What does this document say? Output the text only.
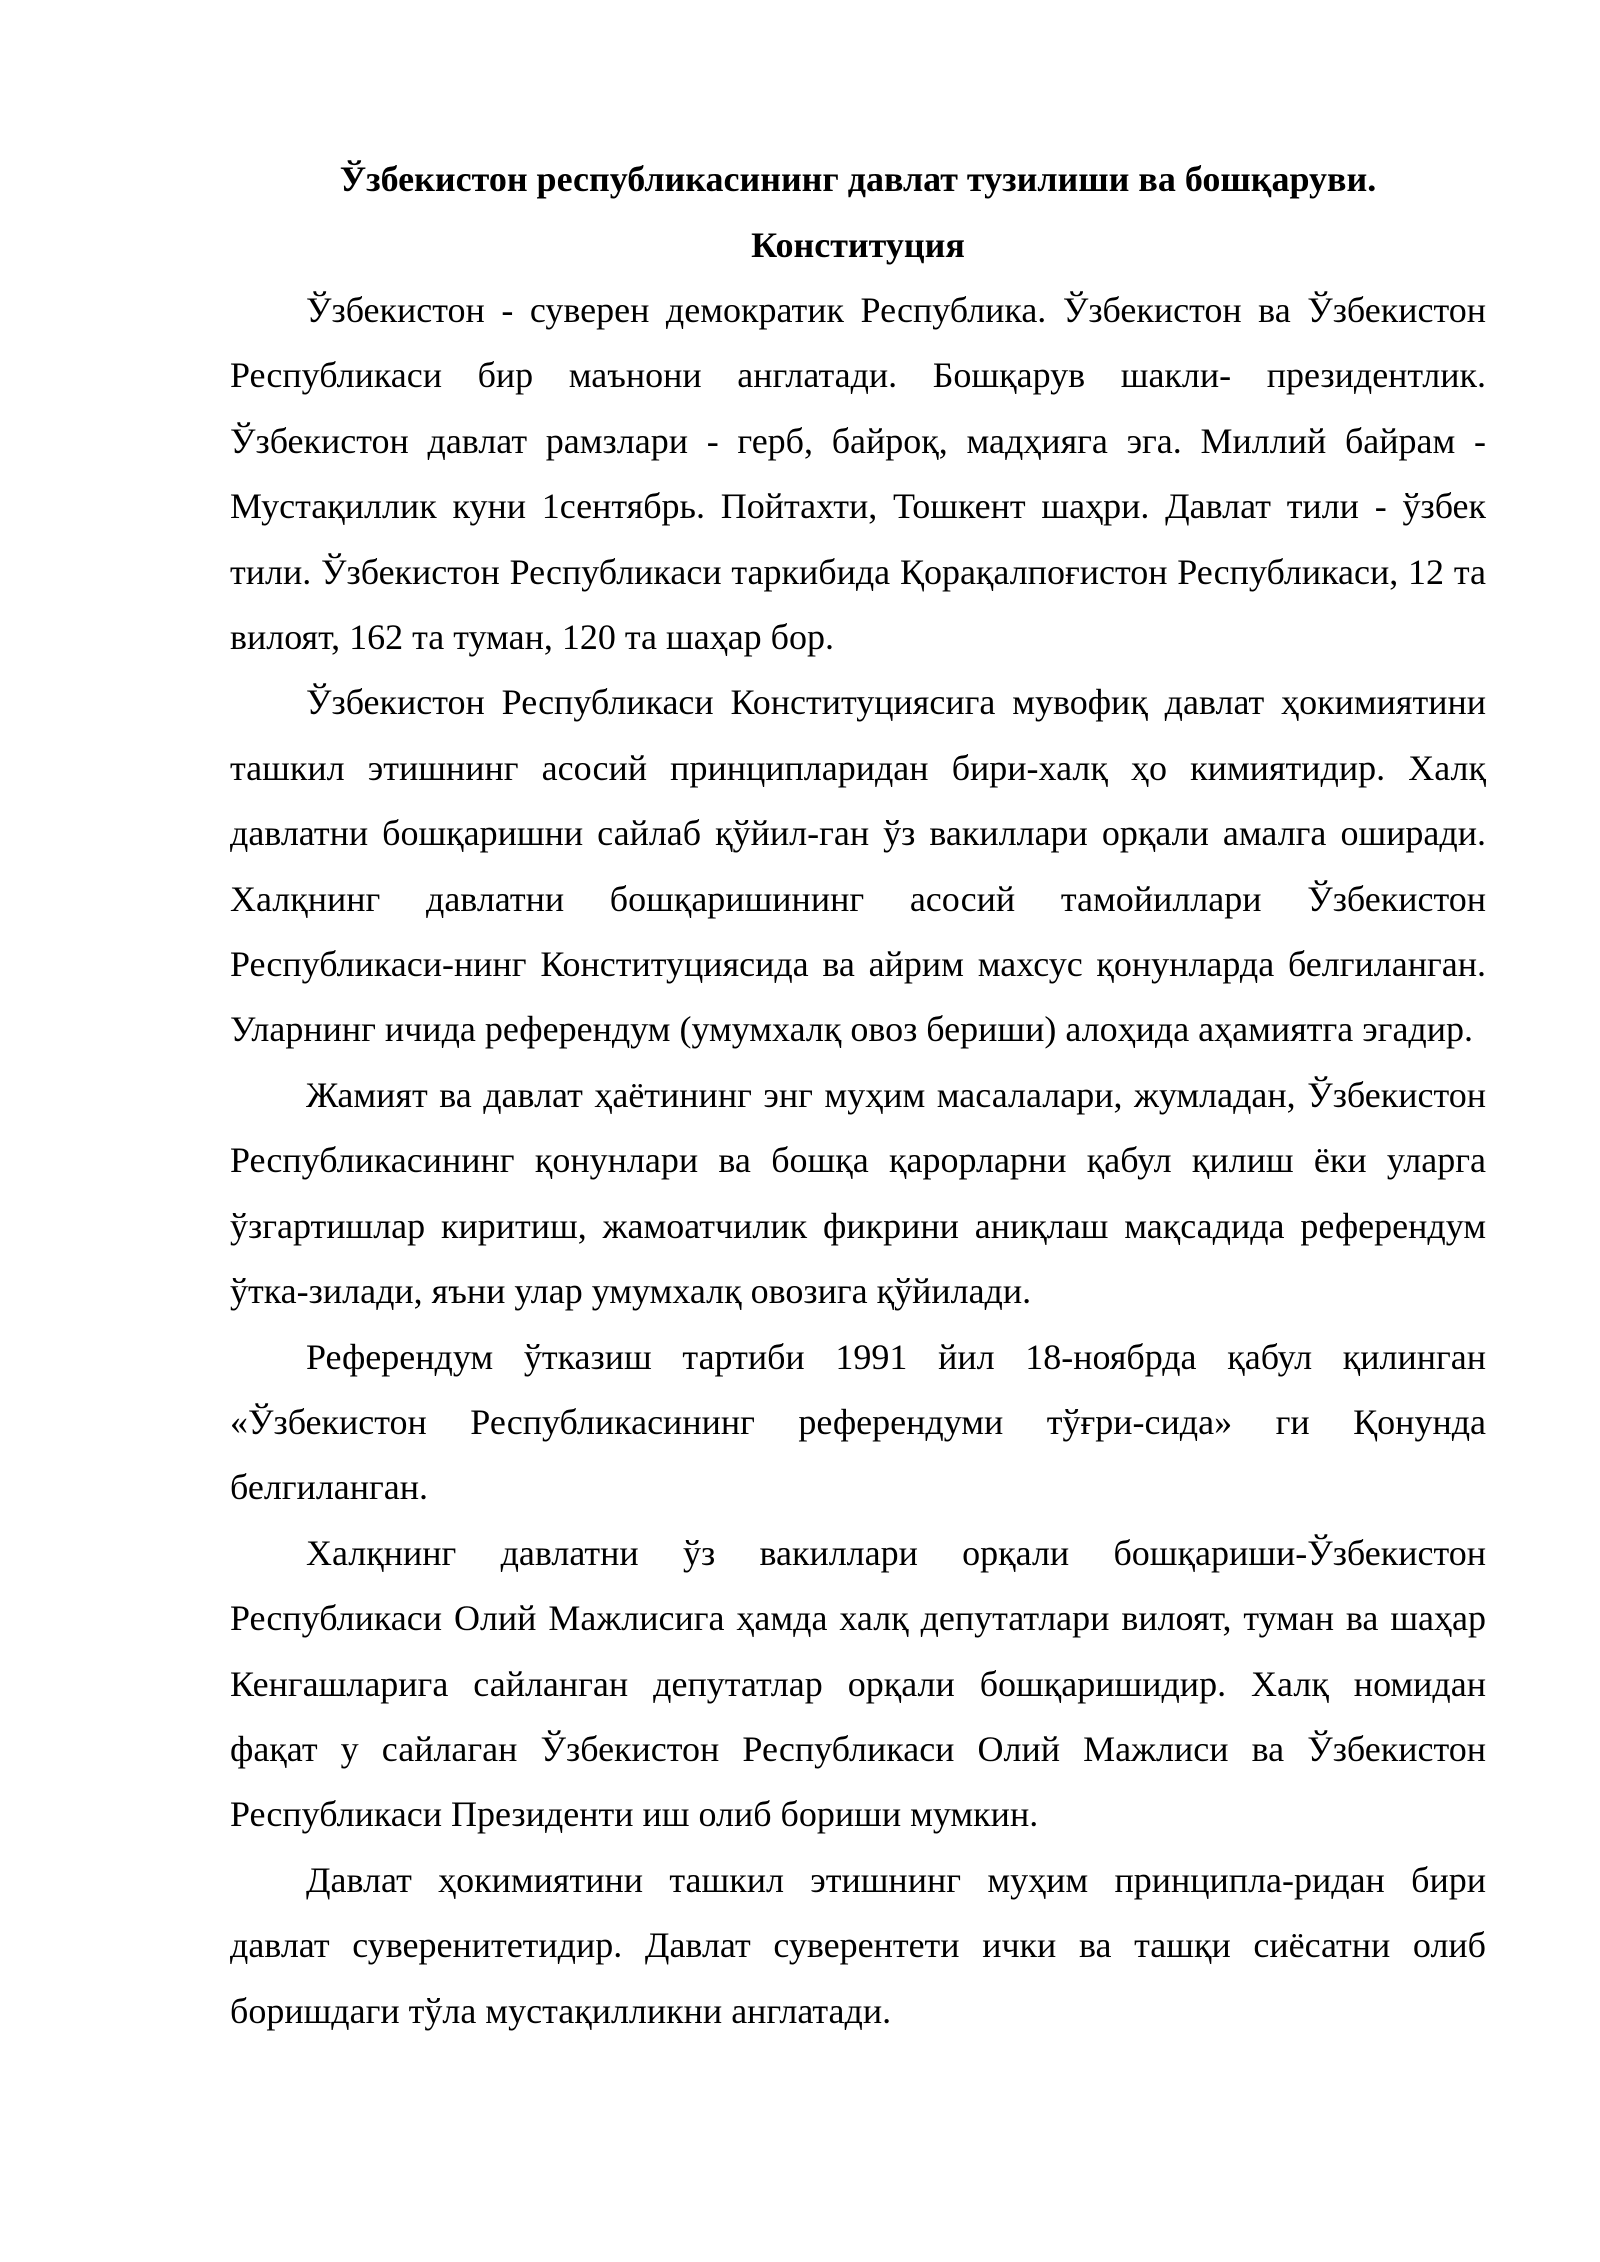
Ўзбекистон республикасининг давлат тузилиши ва бошқаруви.

Конституция

Ўзбекистон - суверен демократик Республика. Ўзбекистон ва Ўзбекистон Республикаси бир маънони англатади. Бошқарув шакли- президентлик. Ўзбекистон давлат рамзлари - герб, байроқ, мадҳияга эга. Миллий байрам - Мустақиллик куни 1сентябрь. Пойтахти, Тошкент шаҳри. Давлат тили - ўзбек тили. Ўзбекистон Республикаси таркибида Қорақалпоғистон Республикаси, 12 та вилоят, 162 та туман, 120 та шаҳар бор.

Ўзбекистон Республикаси Конституциясига мувофиқ давлат ҳокимиятини ташкил этишнинг асосий принципларидан бири-халқ ҳо кимиятидир. Халқ давлатни бошқаришни сайлаб қўйил-ган ўз вакиллари орқали амалга оширади. Халқнинг давлатни бошқаришининг асосий тамойиллари Ўзбекистон Республикаси-нинг Конституциясида ва айрим махсус қонунларда белгиланган. Уларнинг ичида референдум (умумхалқ овоз бериши) алоҳида аҳамиятга эгадир.

Жамият ва давлат ҳаётининг энг муҳим масалалари, жумладан, Ўзбекистон Республикасининг қонунлари ва бошқа қарорларни қабул қилиш ёки уларга ўзгартишлар киритиш, жамоатчилик фикрини аниқлаш мақсадида референдум ўтка-зилади, яъни улар умумхалқ овозига қўйилади.

Референдум ўтказиш тартиби 1991 йил 18-ноябрда қабул қилинган «Ўзбекистон Республикасининг референдуми тўғри-сида» ги Қонунда белгиланган.

Халқнинг давлатни ўз вакиллари орқали бошқариши-Ўзбекистон Республикаси Олий Мажлисига ҳамда халқ депутатлари вилоят, туман ва шаҳар Кенгашларига сайланган депутатлар орқали бошқаришидир. Халқ номидан фақат у сайлаган Ўзбекистон Республикаси Олий Мажлиси ва Ўзбекистон Республикаси Президенти иш олиб бориши мумкин.

Давлат ҳокимиятини ташкил этишнинг муҳим принципла-ридан бири давлат суверенитетидир. Давлат суверентети ички ва ташқи сиёсатни олиб боришдаги тўла мустақилликни англатади.
